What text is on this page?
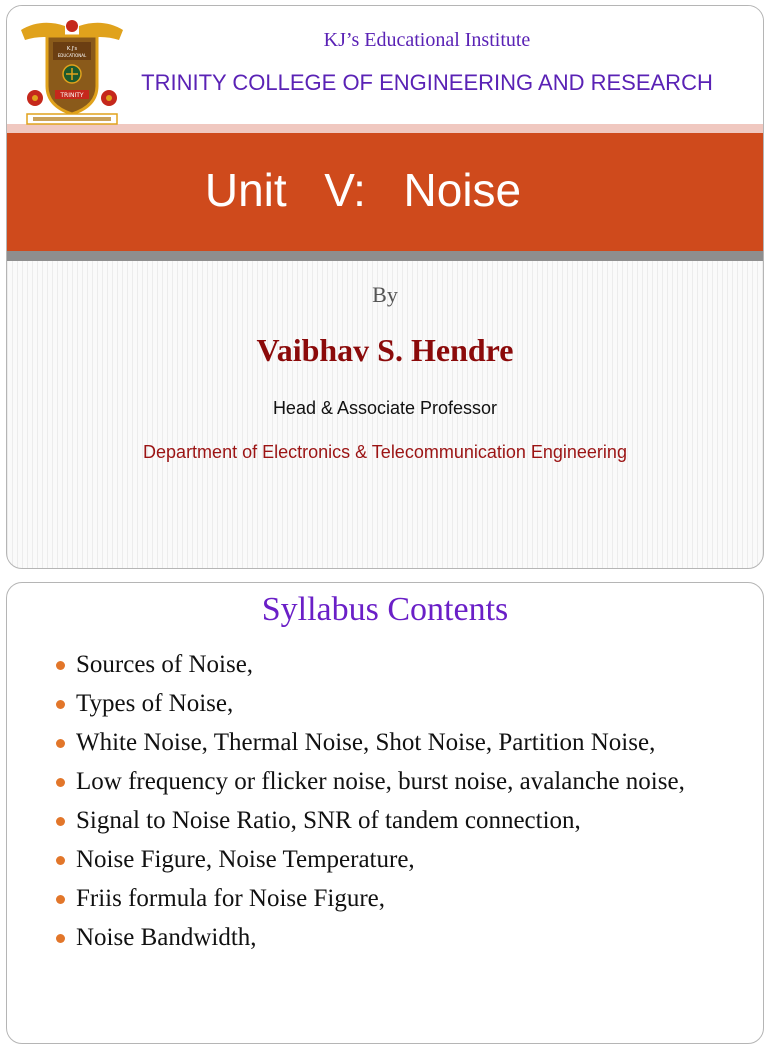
K.J's
EDUCATIONAL
TRINITY
KJ’s Educational Institute
TRINITY COLLEGE OF ENGINEERING AND RESEARCH
Unit  V:  Noise
By
Vaibhav S. Hendre
Head & Associate Professor
Department of Electronics & Telecommunication Engineering
Syllabus Contents
Sources of Noise,
Types of Noise,
White Noise, Thermal Noise, Shot Noise, Partition Noise,
Low frequency or flicker noise, burst noise, avalanche noise,
Signal to Noise Ratio, SNR of tandem connection,
Noise Figure, Noise Temperature,
Friis formula for Noise Figure,
Noise Bandwidth,
